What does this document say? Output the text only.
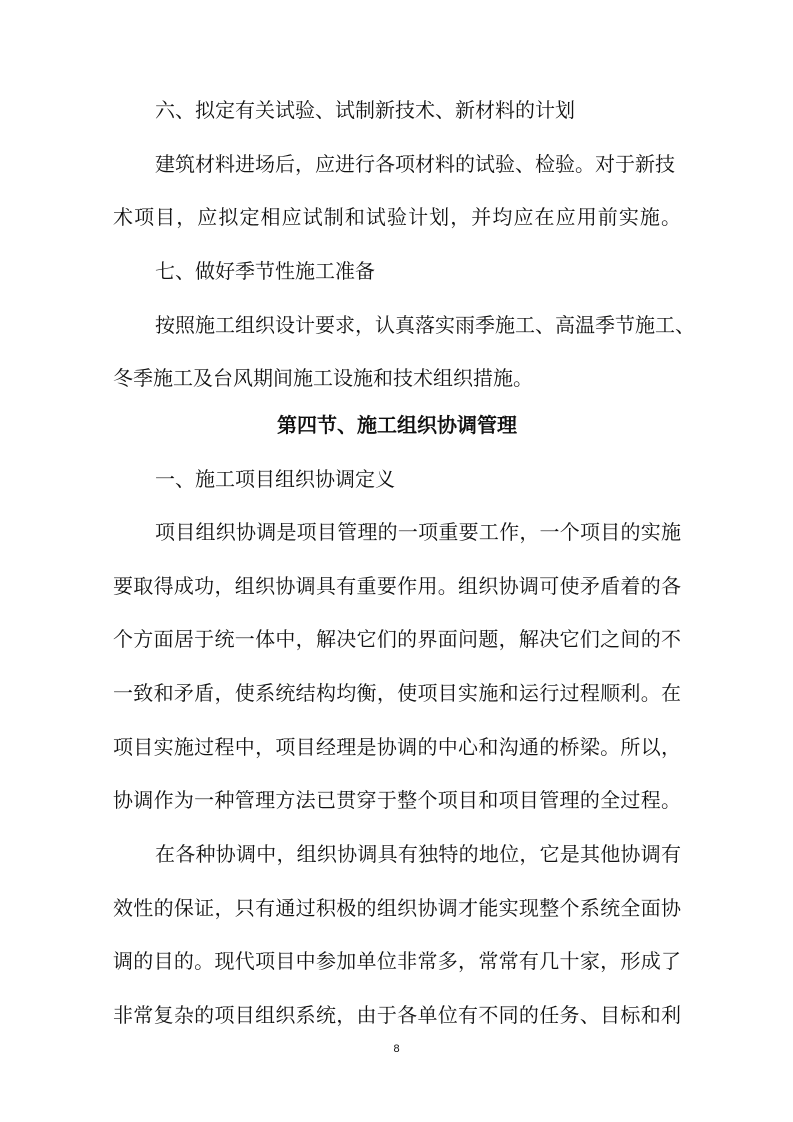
六、拟定有关试验、试制新技术、新材料的计划
建筑材料进场后，应进行各项材料的试验、检验。对于新技
术项目，应拟定相应试制和试验计划，并均应在应用前实施。
七、做好季节性施工准备
按照施工组织设计要求，认真落实雨季施工、高温季节施工、
冬季施工及台风期间施工设施和技术组织措施。
第四节、施工组织协调管理
一、施工项目组织协调定义
项目组织协调是项目管理的一项重要工作，一个项目的实施
要取得成功，组织协调具有重要作用。组织协调可使矛盾着的各
个方面居于统一体中，解决它们的界面问题，解决它们之间的不
一致和矛盾，使系统结构均衡，使项目实施和运行过程顺利。在
项目实施过程中，项目经理是协调的中心和沟通的桥梁。所以，
协调作为一种管理方法已贯穿于整个项目和项目管理的全过程。
在各种协调中，组织协调具有独特的地位，它是其他协调有
效性的保证，只有通过积极的组织协调才能实现整个系统全面协
调的目的。现代项目中参加单位非常多，常常有几十家，形成了
非常复杂的项目组织系统，由于各单位有不同的任务、目标和利
8
